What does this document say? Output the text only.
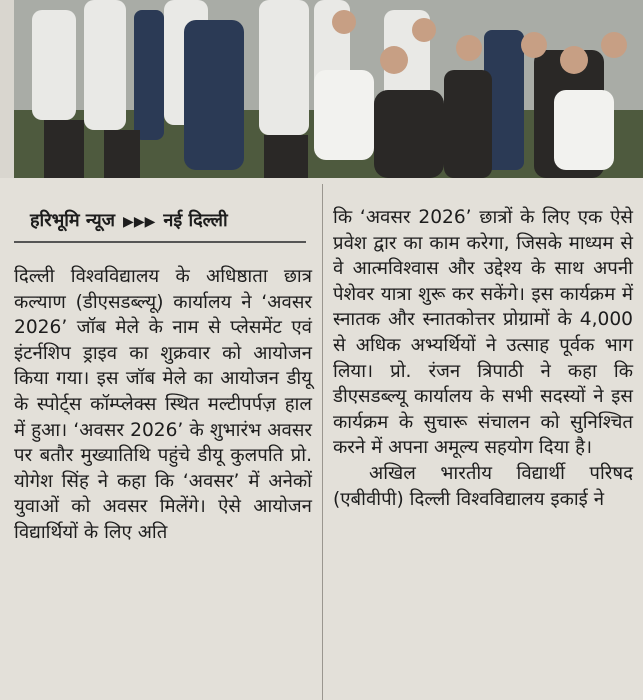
हरिभूमि न्यूज ▶▶▶ नई दिल्ली

दिल्ली विश्वविद्यालय के अधिष्ठाता छात्र कल्याण (डीएसडब्ल्यू) कार्यालय ने ‘अवसर 2026’ जॉब मेले के नाम से प्लेसमेंट एवं इंटर्नशिप ड्राइव का शुक्रवार को आयोजन किया गया। इस जॉब मेले का आयोजन डीयू के स्पोर्ट्स कॉम्प्लेक्स स्थित मल्टीपर्पज़ हाल में हुआ। ‘अवसर 2026’ के शुभारंभ अवसर पर बतौर मुख्यातिथि पहुंचे डीयू कुलपति प्रो. योगेश सिंह ने कहा कि ‘अवसर’ में अनेकों युवाओं को अवसर मिलेंगे। ऐसे आयोजन विद्यार्थियों के लिए अति

कि ‘अवसर 2026’ छात्रों के लिए एक ऐसे प्रवेश द्वार का काम करेगा, जिसके माध्यम से वे आत्मविश्वास और उद्देश्य के साथ अपनी पेशेवर यात्रा शुरू कर सकेंगे। इस कार्यक्रम में स्नातक और स्नातकोत्तर प्रोग्रामों के 4,000 से अधिक अभ्यर्थियों ने उत्साह पूर्वक भाग लिया। प्रो. रंजन त्रिपाठी ने कहा कि डीएसडब्ल्यू कार्यालय के सभी सदस्यों ने इस कार्यक्रम के सुचारू संचालन को सुनिश्चित करने में अपना अमूल्य सहयोग दिया है।

अखिल भारतीय विद्यार्थी परिषद (एबीवीपी) दिल्ली विश्वविद्यालय इकाई ने
